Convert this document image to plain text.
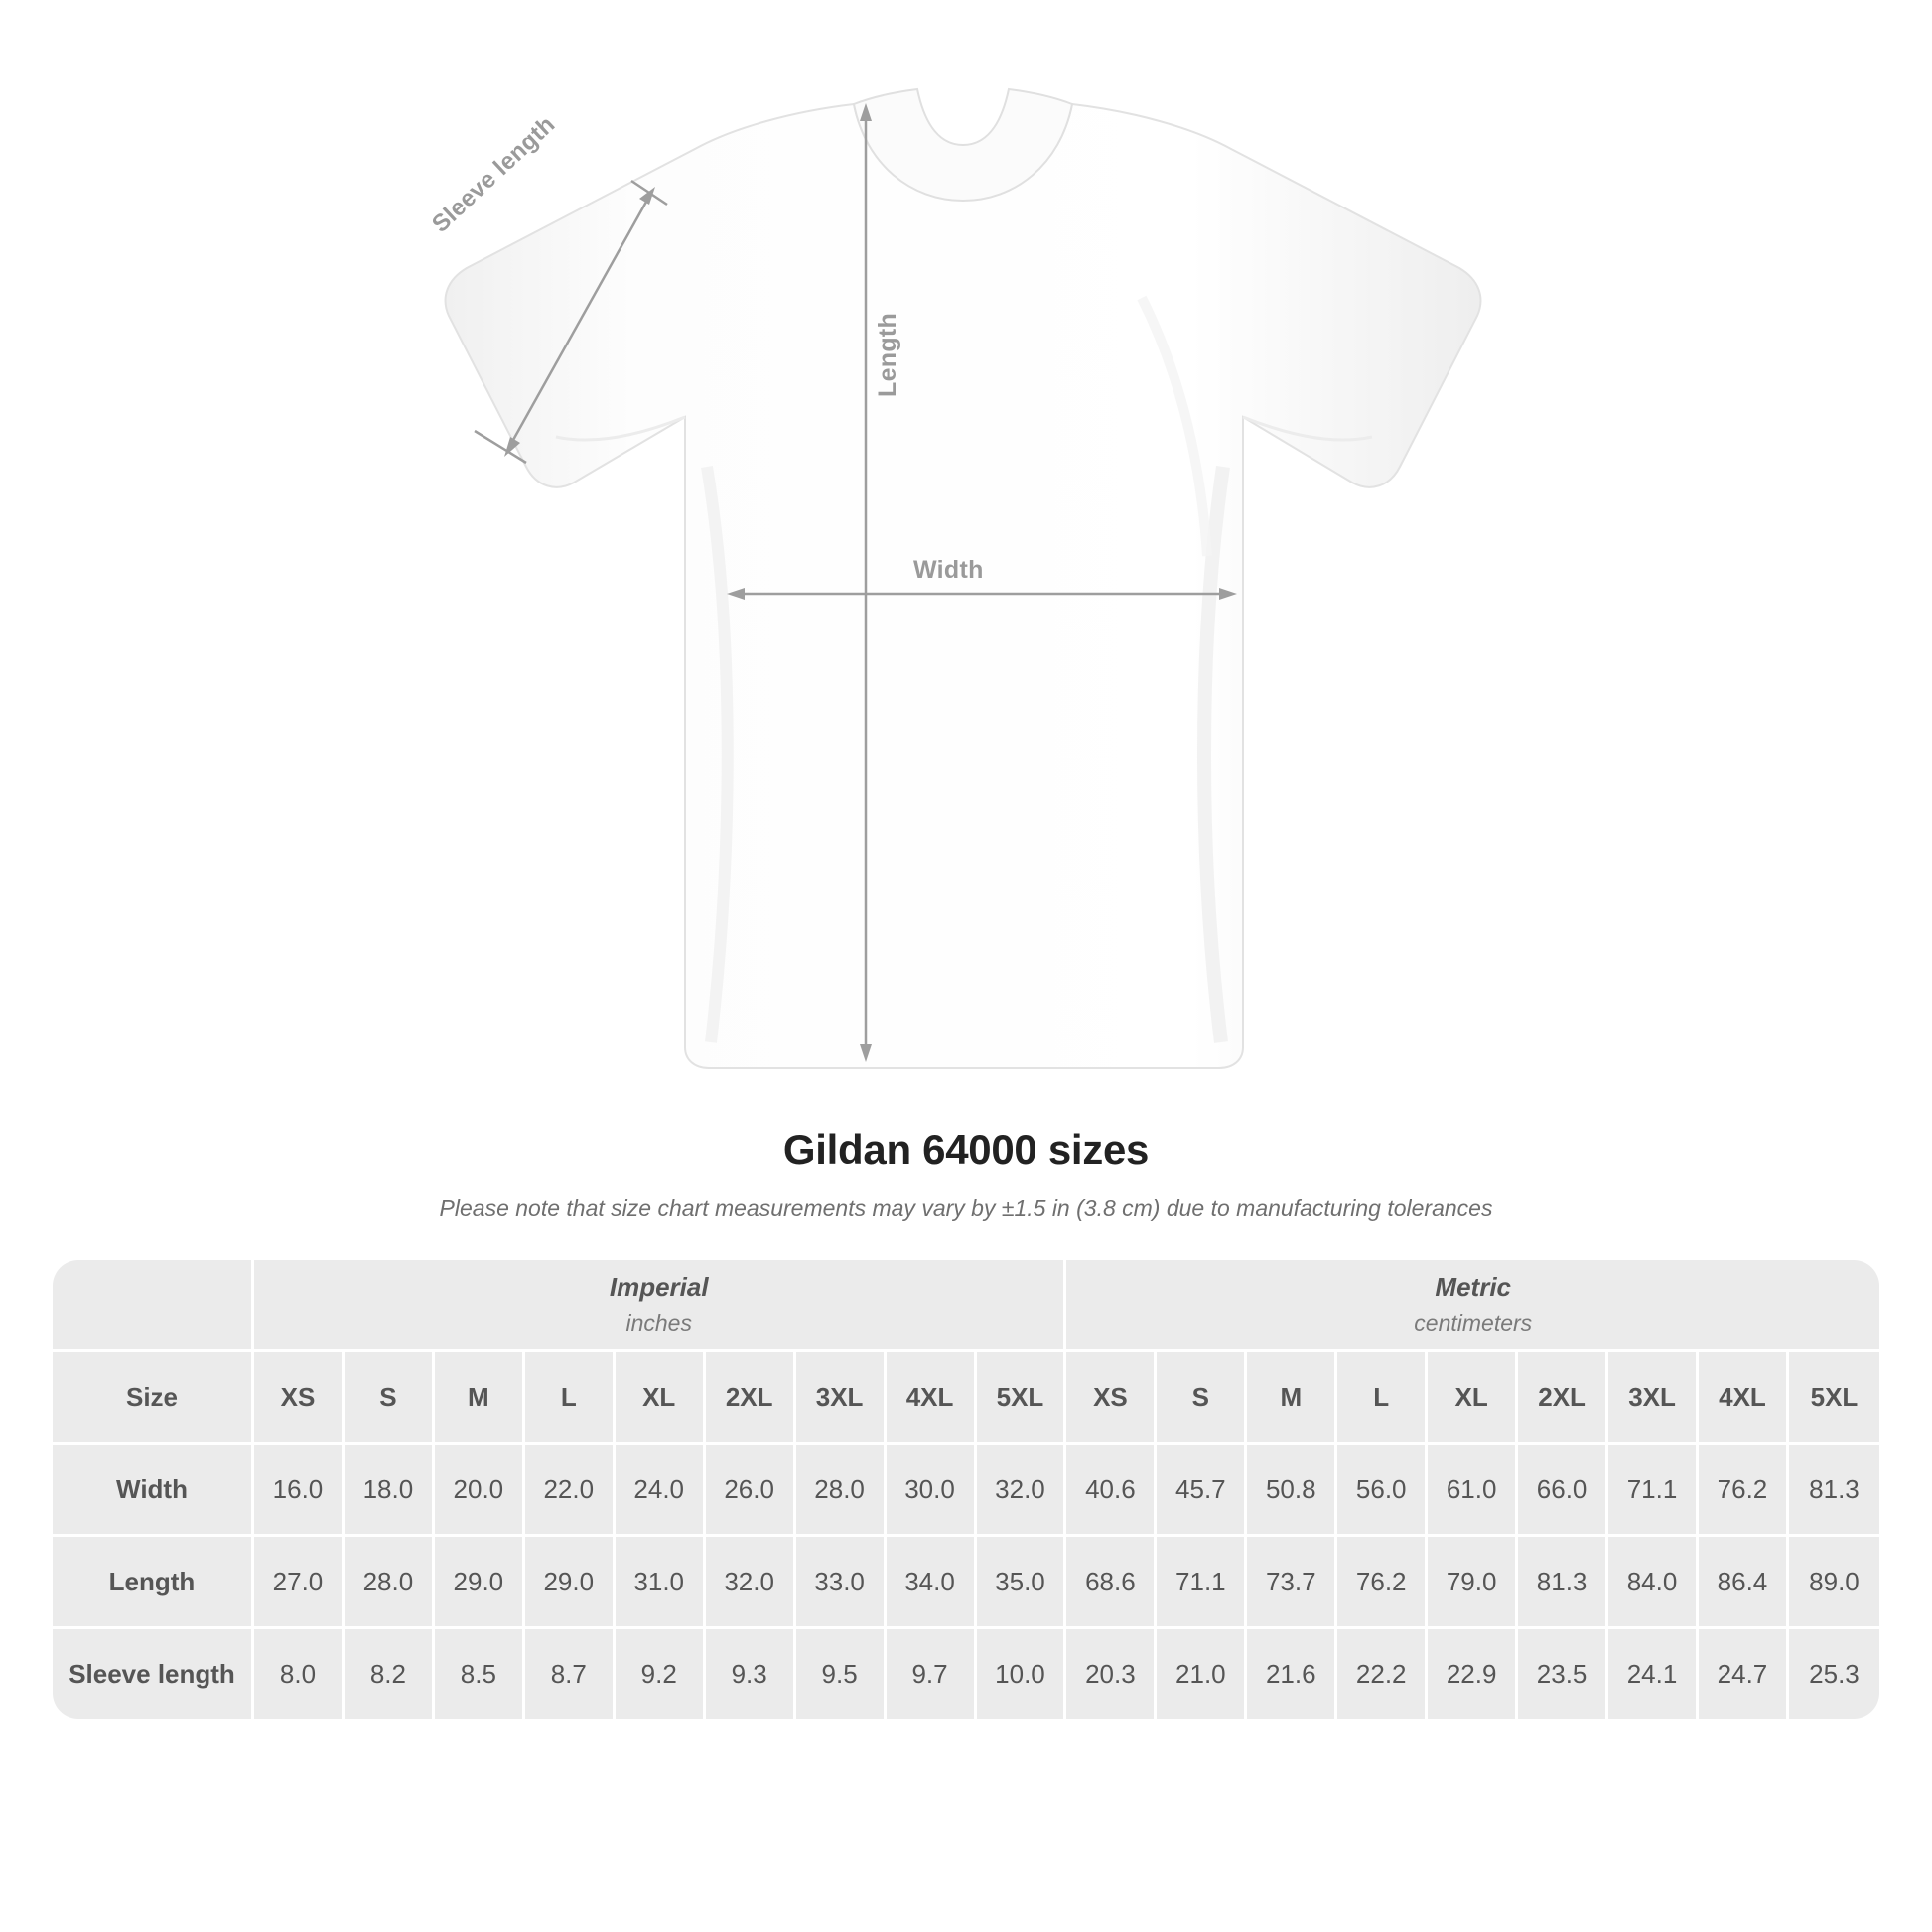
Sleeve length
Length
Width
Gildan 64000 sizes

Please note that size chart measurements may vary by ±1.5 in (3.8 cm) due to manufacturing tolerances

	Imperial
inches									Metric
centimeters								

Size	XS	S	M	L	XL	2XL	3XL	4XL	5XL	XS	S	M	L	XL	2XL	3XL	4XL	5XL
Width	16.0	18.0	20.0	22.0	24.0	26.0	28.0	30.0	32.0	40.6	45.7	50.8	56.0	61.0	66.0	71.1	76.2	81.3
Length	27.0	28.0	29.0	29.0	31.0	32.0	33.0	34.0	35.0	68.6	71.1	73.7	76.2	79.0	81.3	84.0	86.4	89.0
Sleeve length	8.0	8.2	8.5	8.7	9.2	9.3	9.5	9.7	10.0	20.3	21.0	21.6	22.2	22.9	23.5	24.1	24.7	25.3
